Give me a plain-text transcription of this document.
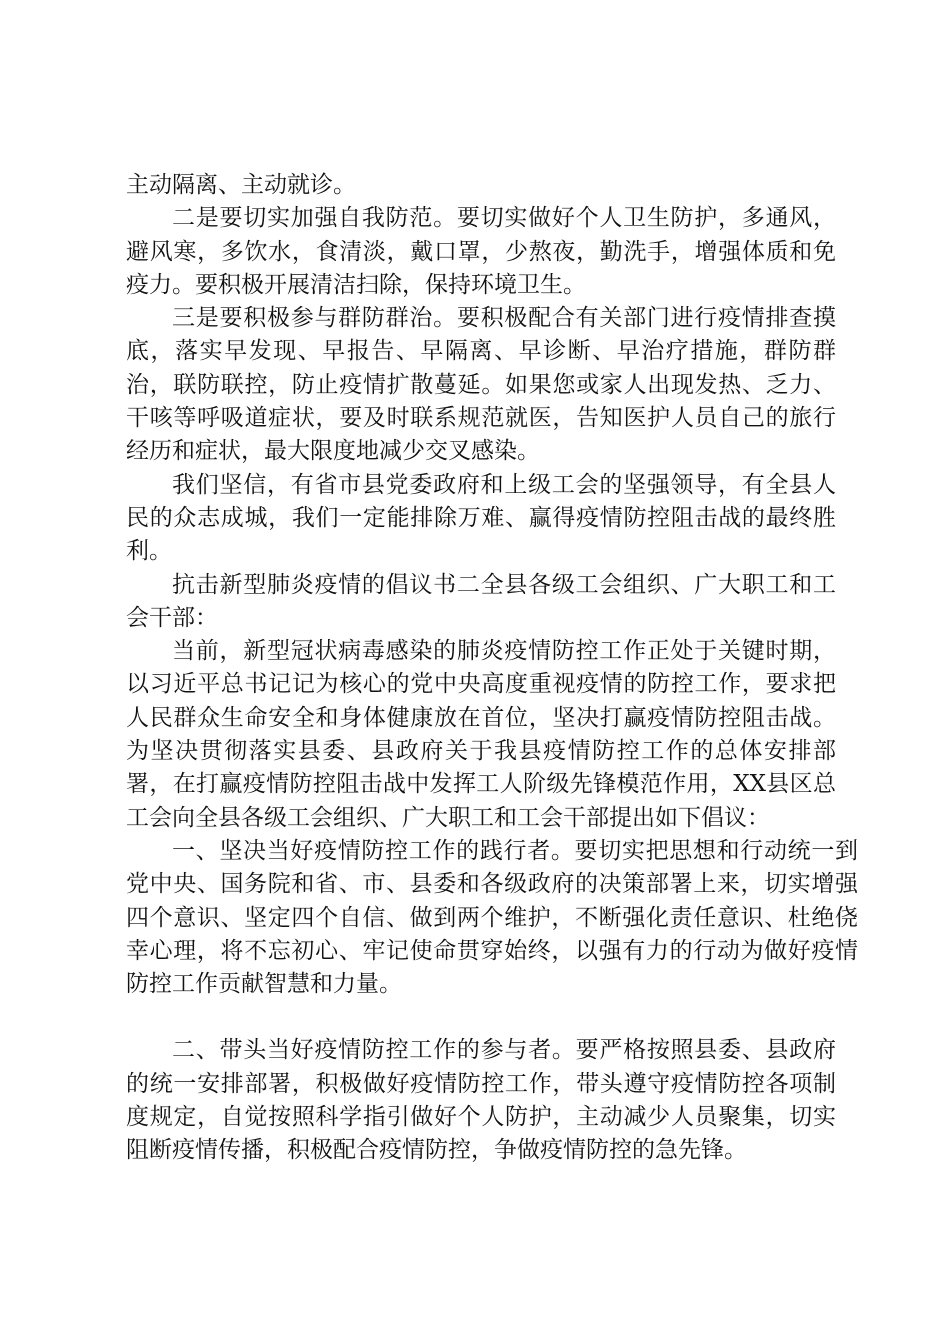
主动隔离、主动就诊。

二是要切实加强自我防范。要切实做好个人卫生防护，多通风，避风寒，多饮水，食清淡，戴口罩，少熬夜，勤洗手，增强体质和免疫力。要积极开展清洁扫除，保持环境卫生。

三是要积极参与群防群治。要积极配合有关部门进行疫情排查摸底，落实早发现、早报告、早隔离、早诊断、早治疗措施，群防群治，联防联控，防止疫情扩散蔓延。如果您或家人出现发热、乏力、干咳等呼吸道症状，要及时联系规范就医，告知医护人员自己的旅行经历和症状，最大限度地减少交叉感染。

我们坚信，有省市县党委政府和上级工会的坚强领导，有全县人民的众志成城，我们一定能排除万难、赢得疫情防控阻击战的最终胜利。

抗击新型肺炎疫情的倡议书二全县各级工会组织、广大职工和工会干部：

当前，新型冠状病毒感染的肺炎疫情防控工作正处于关键时期，以习近平总书记记为核心的党中央高度重视疫情的防控工作，要求把人民群众生命安全和身体健康放在首位，坚决打赢疫情防控阻击战。为坚决贯彻落实县委、县政府关于我县疫情防控工作的总体安排部署，在打赢疫情防控阻击战中发挥工人阶级先锋模范作用，XX县区总工会向全县各级工会组织、广大职工和工会干部提出如下倡议：

一、坚决当好疫情防控工作的践行者。要切实把思想和行动统一到党中央、国务院和省、市、县委和各级政府的决策部署上来，切实增强四个意识、坚定四个自信、做到两个维护，不断强化责任意识、杜绝侥幸心理，将不忘初心、牢记使命贯穿始终，以强有力的行动为做好疫情防控工作贡献智慧和力量。

二、带头当好疫情防控工作的参与者。要严格按照县委、县政府的统一安排部署，积极做好疫情防控工作，带头遵守疫情防控各项制度规定，自觉按照科学指引做好个人防护，主动减少人员聚集，切实阻断疫情传播，积极配合疫情防控，争做疫情防控的急先锋。
